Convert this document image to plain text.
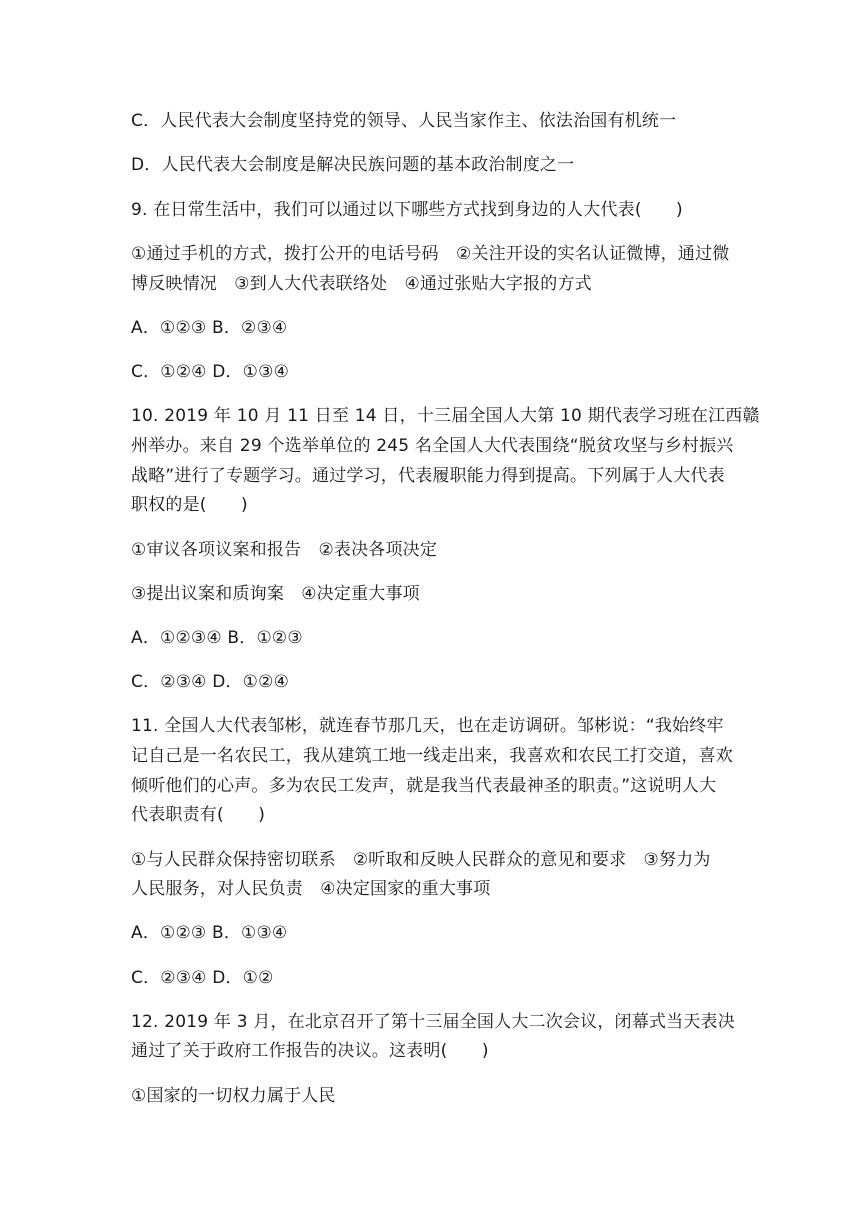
C．人民代表大会制度坚持党的领导、人民当家作主、依法治国有机统一
D．人民代表大会制度是解决民族问题的基本政治制度之一
9. 在日常生活中，我们可以通过以下哪些方式找到身边的人大代表(　　)
①通过手机的方式，拨打公开的电话号码　②关注开设的实名认证微博，通过微
博反映情况　③到人大代表联络处　④通过张贴大字报的方式
A．①②③ B．②③④
C．①②④ D．①③④
10. 2019 年 10 月 11 日至 14 日，十三届全国人大第 10 期代表学习班在江西赣
州举办。来自 29 个选举单位的 245 名全国人大代表围绕“脱贫攻坚与乡村振兴
战略”进行了专题学习。通过学习，代表履职能力得到提高。下列属于人大代表
职权的是(　　)
①审议各项议案和报告　②表决各项决定
③提出议案和质询案　④决定重大事项
A．①②③④ B．①②③
C．②③④ D．①②④
11. 全国人大代表邹彬，就连春节那几天，也在走访调研。邹彬说：“我始终牢
记自己是一名农民工，我从建筑工地一线走出来，我喜欢和农民工打交道，喜欢
倾听他们的心声。多为农民工发声，就是我当代表最神圣的职责。”这说明人大
代表职责有(　　)
①与人民群众保持密切联系　②听取和反映人民群众的意见和要求　③努力为
人民服务，对人民负责　④决定国家的重大事项
A．①②③ B．①③④
C．②③④ D．①②
12. 2019 年 3 月，在北京召开了第十三届全国人大二次会议，闭幕式当天表决
通过了关于政府工作报告的决议。这表明(　　)
①国家的一切权力属于人民
